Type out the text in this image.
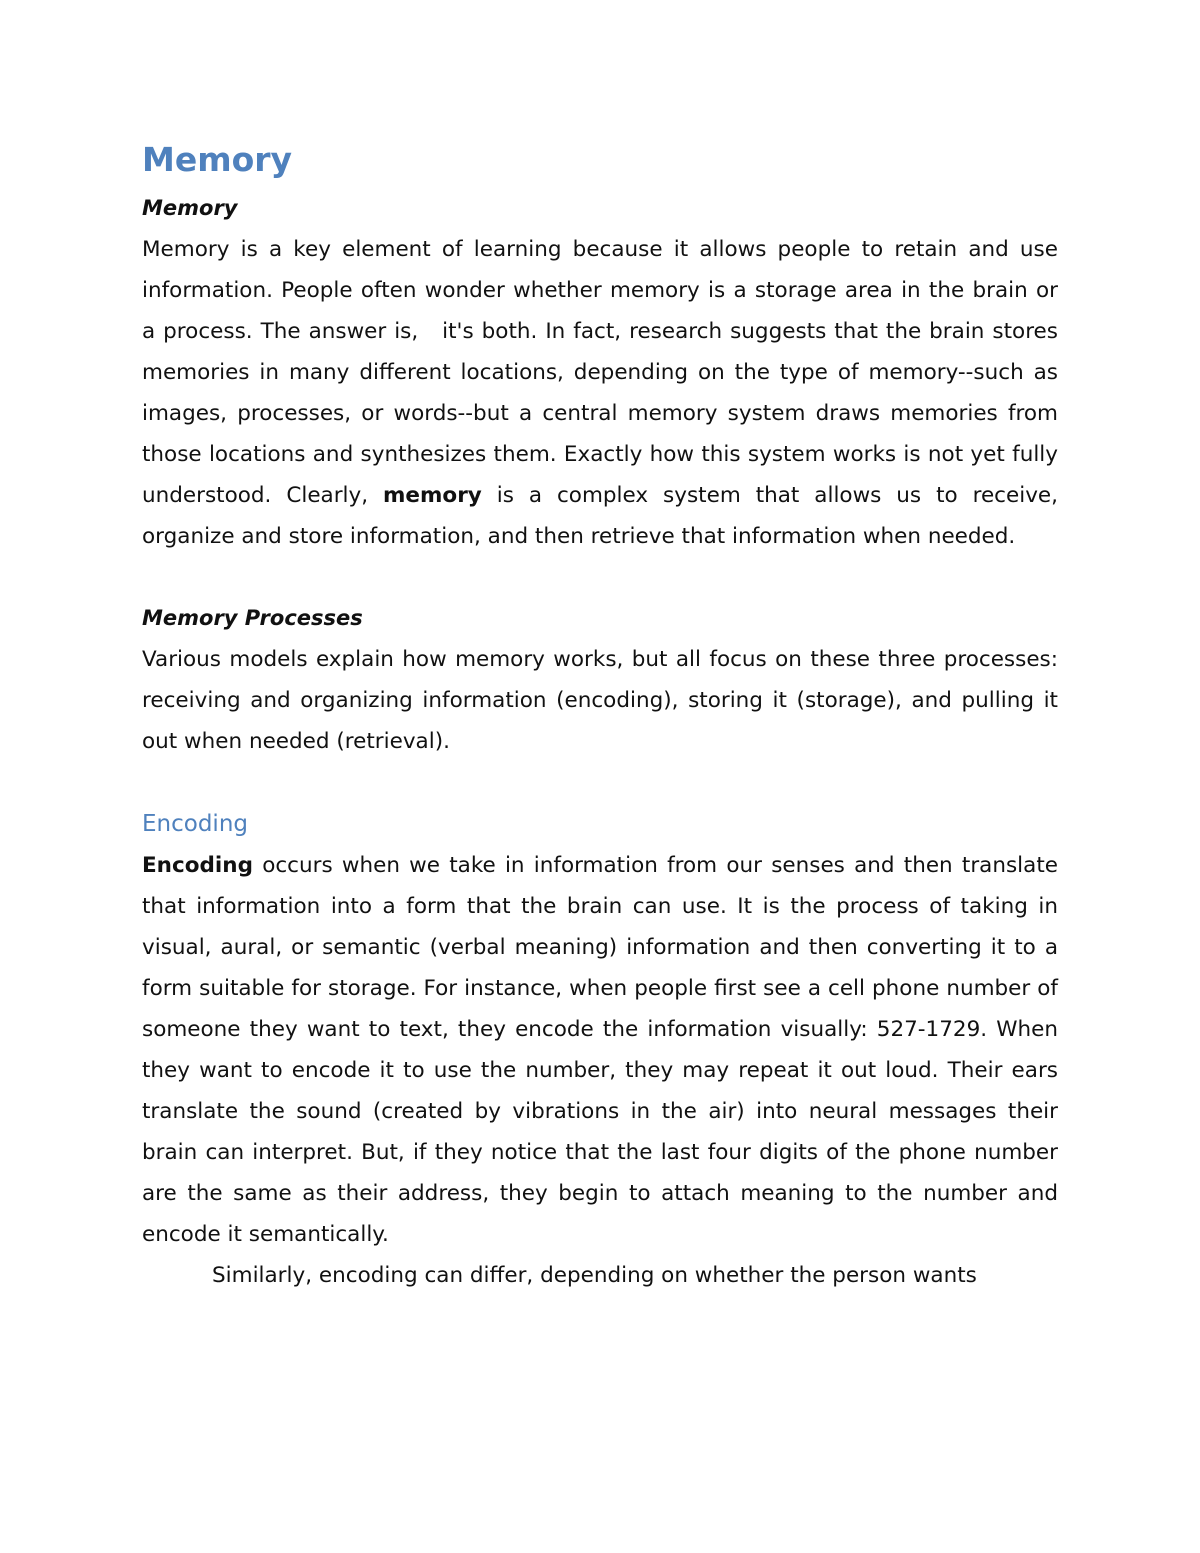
Memory
Memory

Memory is a key element of learning because it allows people to retain and use information. People often wonder whether memory is a storage area in the brain or a process. The answer is,   it's both. In fact, research suggests that the brain stores memories in many different locations, depending on the type of memory--such as images, processes, or words--but a central memory system draws memories from those locations and synthesizes them. Exactly how this system works is not yet fully understood. Clearly, memory is a complex system that allows us to receive, organize and store information, and then retrieve that information when needed.

Memory Processes

Various models explain how memory works, but all focus on these three processes: receiving and organizing information (encoding), storing it (storage), and pulling it out when needed (retrieval).

Encoding

Encoding occurs when we take in information from our senses and then translate that information into a form that the brain can use. It is the process of taking in visual, aural, or semantic (verbal meaning) information and then converting it to a form suitable for storage. For instance, when people first see a cell phone number of someone they want to text, they encode the information visually: 527-1729. When they want to encode it to use the number, they may repeat it out loud. Their ears translate the sound (created by vibrations in the air) into neural messages their brain can interpret. But, if they notice that the last four digits of the phone number are the same as their address, they begin to attach meaning to the number and encode it semantically.

Similarly, encoding can differ, depending on whether the person wants
